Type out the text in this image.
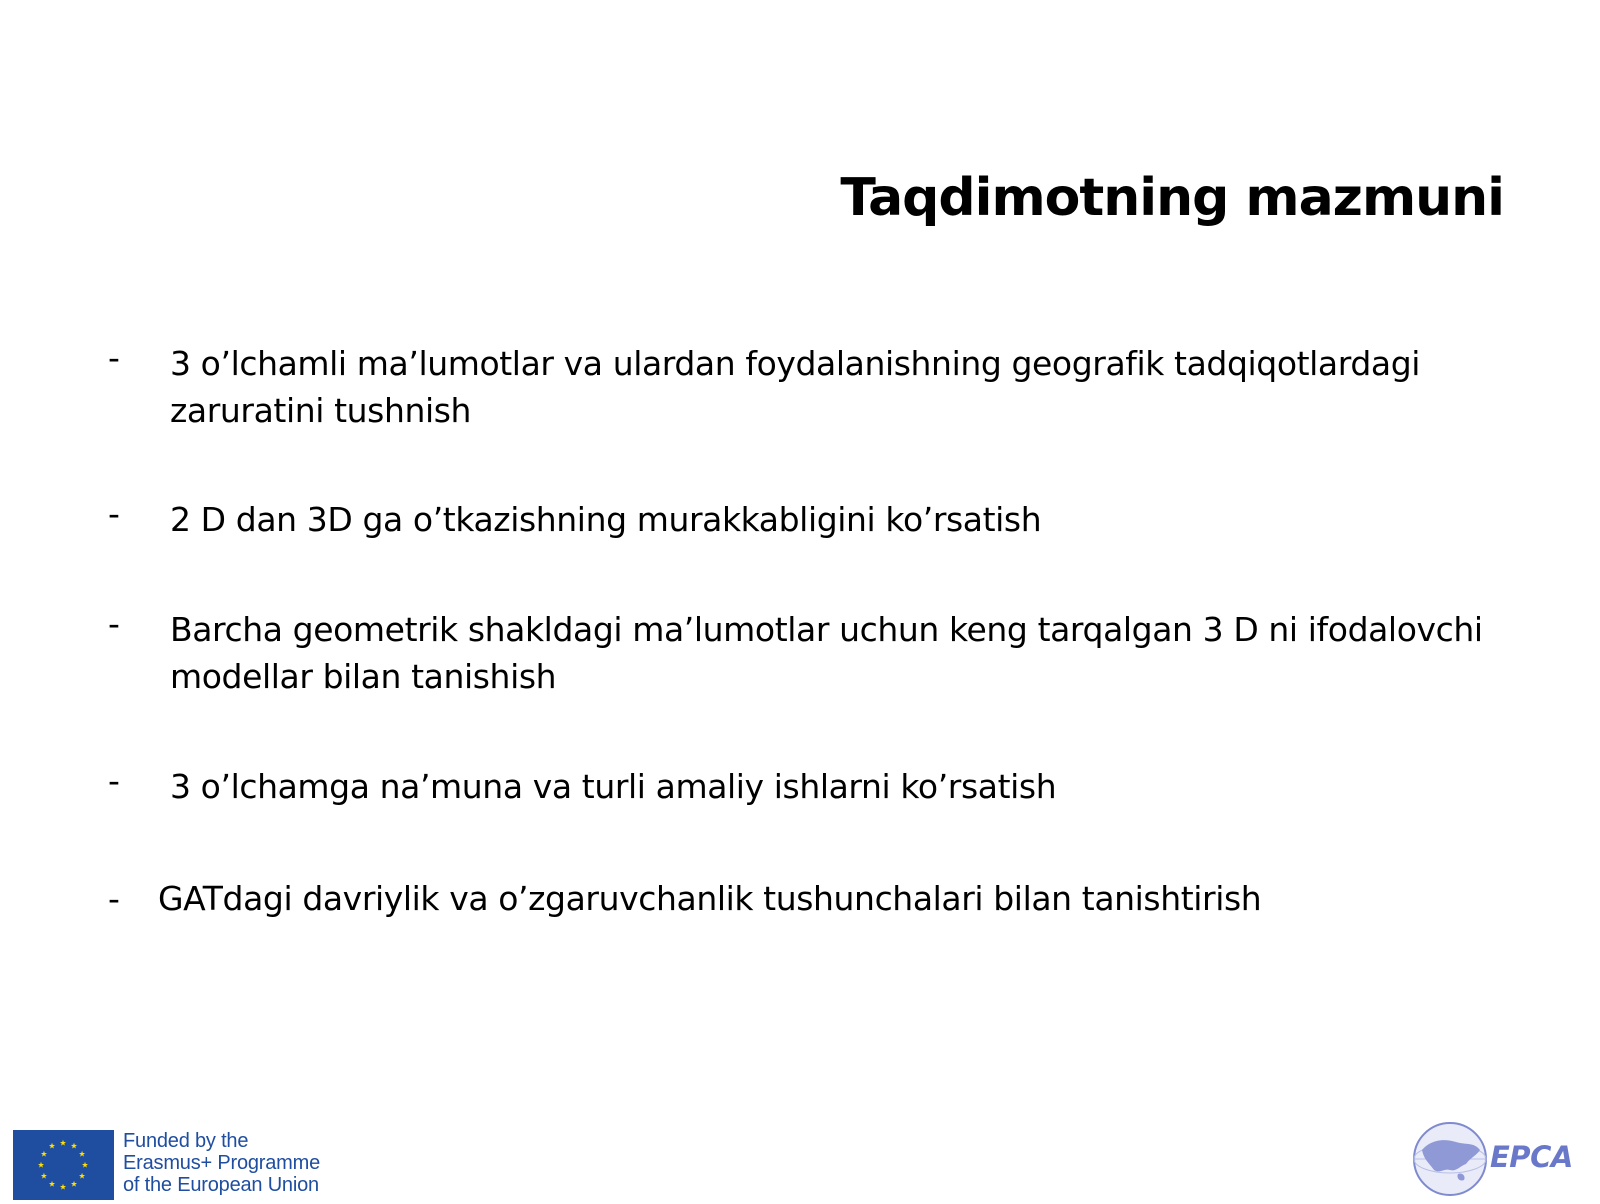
Taqdimotning mazmuni
- 3 o’lchamli ma’lumotlar va ulardan foydalanishning geografik tadqiqotlardagi
zaruratini tushnish
- 2 D dan 3D ga o’tkazishning murakkabligini ko’rsatish
- Barcha geometrik shakldagi ma’lumotlar uchun keng tarqalgan 3 D ni ifodalovchi
modellar bilan tanishish
- 3 o’lchamga na’muna va turli amaliy ishlarni ko’rsatish
- GATdagi davriylik va o’zgaruvchanlik tushunchalari bilan tanishtirish
Funded by the
Erasmus+ Programme
of the European Union
EPCA
